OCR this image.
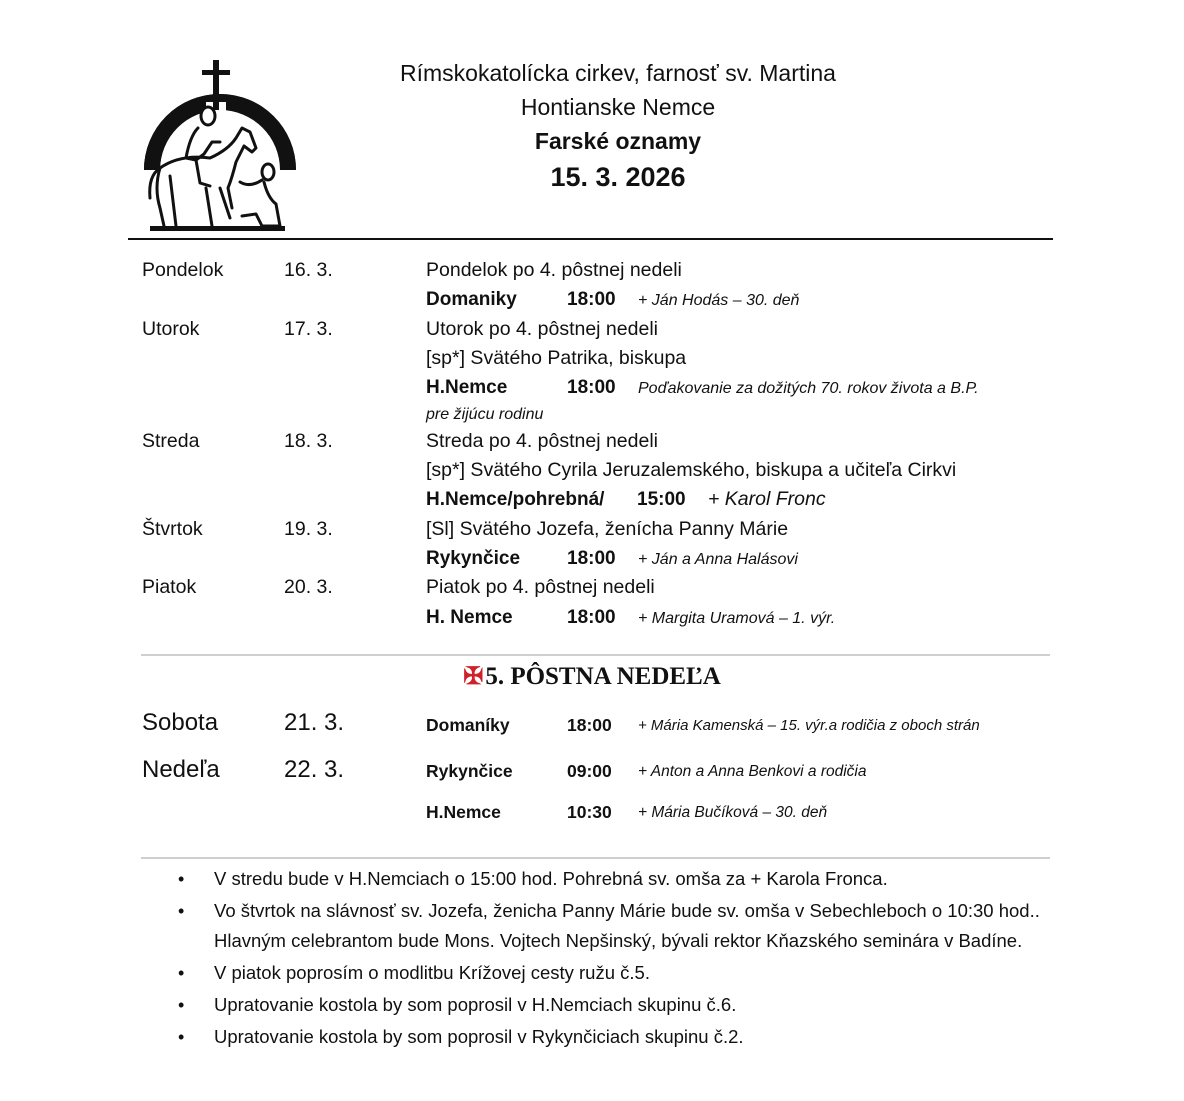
Rímskokatolícka cirkev, farnosť sv. Martina
Hontianske Nemce
Farské oznamy
15. 3. 2026
Pondelok	16. 3.	Pondelok po 4. pôstnej nedeli
Domaniky	18:00 + Ján Hodás – 30. deň
Utorok	17. 3.	Utorok po 4. pôstnej nedeli
[sp*] Svätého Patrika, biskupa
H.Nemce	18:00 Poďakovanie za dožitých 70. rokov života a B.P.
pre žijúcu rodinu
Streda	18. 3.	Streda po 4. pôstnej nedeli
[sp*] Svätého Cyrila Jeruzalemského, biskupa a učiteľa Cirkvi
H.Nemce/pohrebná/ 15:00 + Karol Fronc
Štvrtok	19. 3.	[Sl] Svätého Jozefa, ženícha Panny Márie
Rykynčice 18:00 + Ján a Anna Halásovi
Piatok	20. 3.	Piatok po 4. pôstnej nedeli
H. Nemce	18:00 + Margita Uramová – 1. výr.
✠5. PÔSTNA NEDEĽA
Sobota	21. 3.	Domaníky	18:00 + Mária Kamenská – 15. výr.a rodičia z oboch strán
Nedeľa	22. 3.	Rykynčice	09:00 + Anton a Anna Benkovi a rodičia
H.Nemce	10:30 + Mária Bučíková – 30. deň
• V stredu bude v H.Nemciach o 15:00 hod. Pohrebná sv. omša za + Karola Fronca.
• Vo štvrtok na slávnosť sv. Jozefa, ženicha Panny Márie bude sv. omša v Sebechleboch o 10:30 hod.. Hlavným celebrantom bude Mons. Vojtech Nepšinský, bývali rektor Kňazského seminára v Badíne.
• V piatok poprosím o modlitbu Krížovej cesty ružu č.5.
• Upratovanie kostola by som poprosil v H.Nemciach skupinu č.6.
• Upratovanie kostola by som poprosil v Rykynčiciach skupinu č.2.
